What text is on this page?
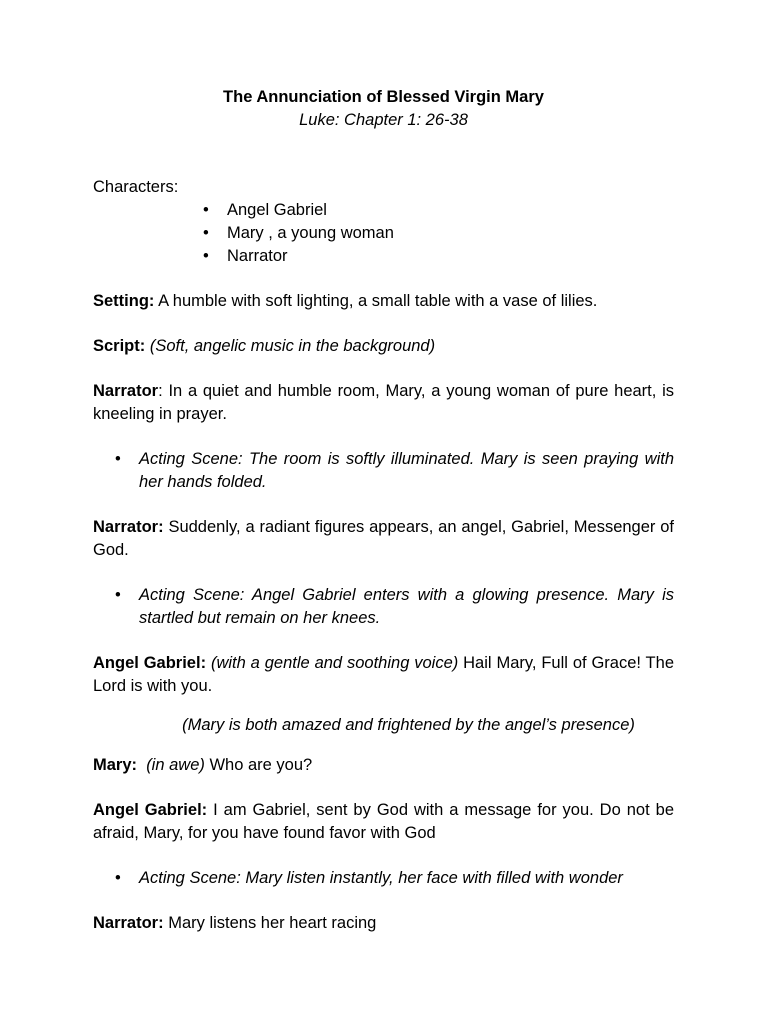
The Annunciation of Blessed Virgin Mary
Luke: Chapter 1: 26-38
Characters:
• Angel Gabriel
• Mary , a young woman
• Narrator

Setting: A humble with soft lighting, a small table with a vase of lilies.

Script: (Soft, angelic music in the background)

Narrator: In a quiet and humble room, Mary, a young woman of pure heart, is kneeling in prayer.

• Acting Scene: The room is softly illuminated. Mary is seen praying with her hands folded.

Narrator: Suddenly, a radiant figures appears, an angel, Gabriel, Messenger of God.

• Acting Scene: Angel Gabriel enters with a glowing presence. Mary is startled but remain on her knees.

Angel Gabriel: (with a gentle and soothing voice) Hail Mary, Full of Grace! The Lord is with you.

(Mary is both amazed and frightened by the angel’s presence)

Mary: (in awe) Who are you?

Angel Gabriel: I am Gabriel, sent by God with a message for you. Do not be afraid, Mary, for you have found favor with God

• Acting Scene: Mary listen instantly, her face with filled with wonder

Narrator: Mary listens her heart racing
